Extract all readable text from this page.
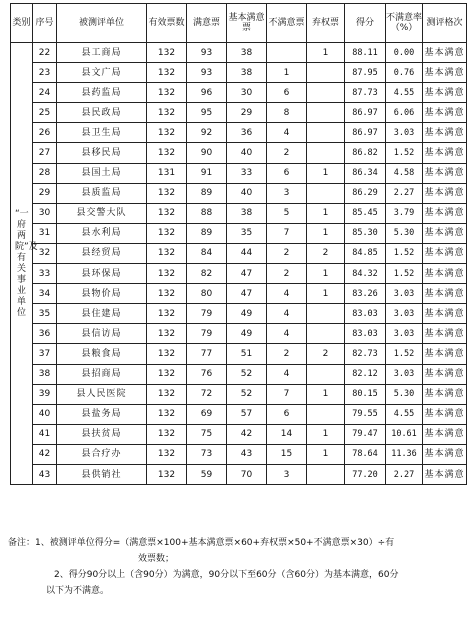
类别	序号	被测评单位	有效票数	满意票	基本满意票	不满意票	弃权票	得分	不满意率（%）	测评格次

“一府两院”及有关事业单位	22	县工商局	132	93	38		1	88.11	0.00	基本满意
	23	县文广局	132	93	38	1		87.95	0.76	基本满意
	24	县药监局	132	96	30	6		87.73	4.55	基本满意
	25	县民政局	132	95	29	8		86.97	6.06	基本满意
	26	县卫生局	132	92	36	4		86.97	3.03	基本满意
	27	县移民局	132	90	40	2		86.82	1.52	基本满意
	28	县国土局	131	91	33	6	1	86.34	4.58	基本满意
	29	县质监局	132	89	40	3		86.29	2.27	基本满意
	30	县交警大队	132	88	38	5	1	85.45	3.79	基本满意
	31	县水利局	132	89	35	7	1	85.30	5.30	基本满意
	32	县经贸局	132	84	44	2	2	84.85	1.52	基本满意
	33	县环保局	132	82	47	2	1	84.32	1.52	基本满意
	34	县物价局	132	80	47	4	1	83.26	3.03	基本满意
	35	县住建局	132	79	49	4		83.03	3.03	基本满意
	36	县信访局	132	79	49	4		83.03	3.03	基本满意
	37	县粮食局	132	77	51	2	2	82.73	1.52	基本满意
	38	县招商局	132	76	52	4		82.12	3.03	基本满意
	39	县人民医院	132	72	52	7	1	80.15	5.30	基本满意
	40	县盐务局	132	69	57	6		79.55	4.55	基本满意
	41	县扶贫局	132	75	42	14	1	79.47	10.61	基本满意
	42	县合疗办	132	73	43	15	1	78.64	11.36	基本满意
	43	县供销社	132	59	70	3		77.20	2.27	基本满意
备注：1、被测评单位得分=（满意票×100+基本满意票×60+弃权票×50+不满意票×30）÷有
效票数；
2、得分90分以上（含90分）为满意，90分以下至60分（含60分）为基本满意，60分
以下为不满意。
